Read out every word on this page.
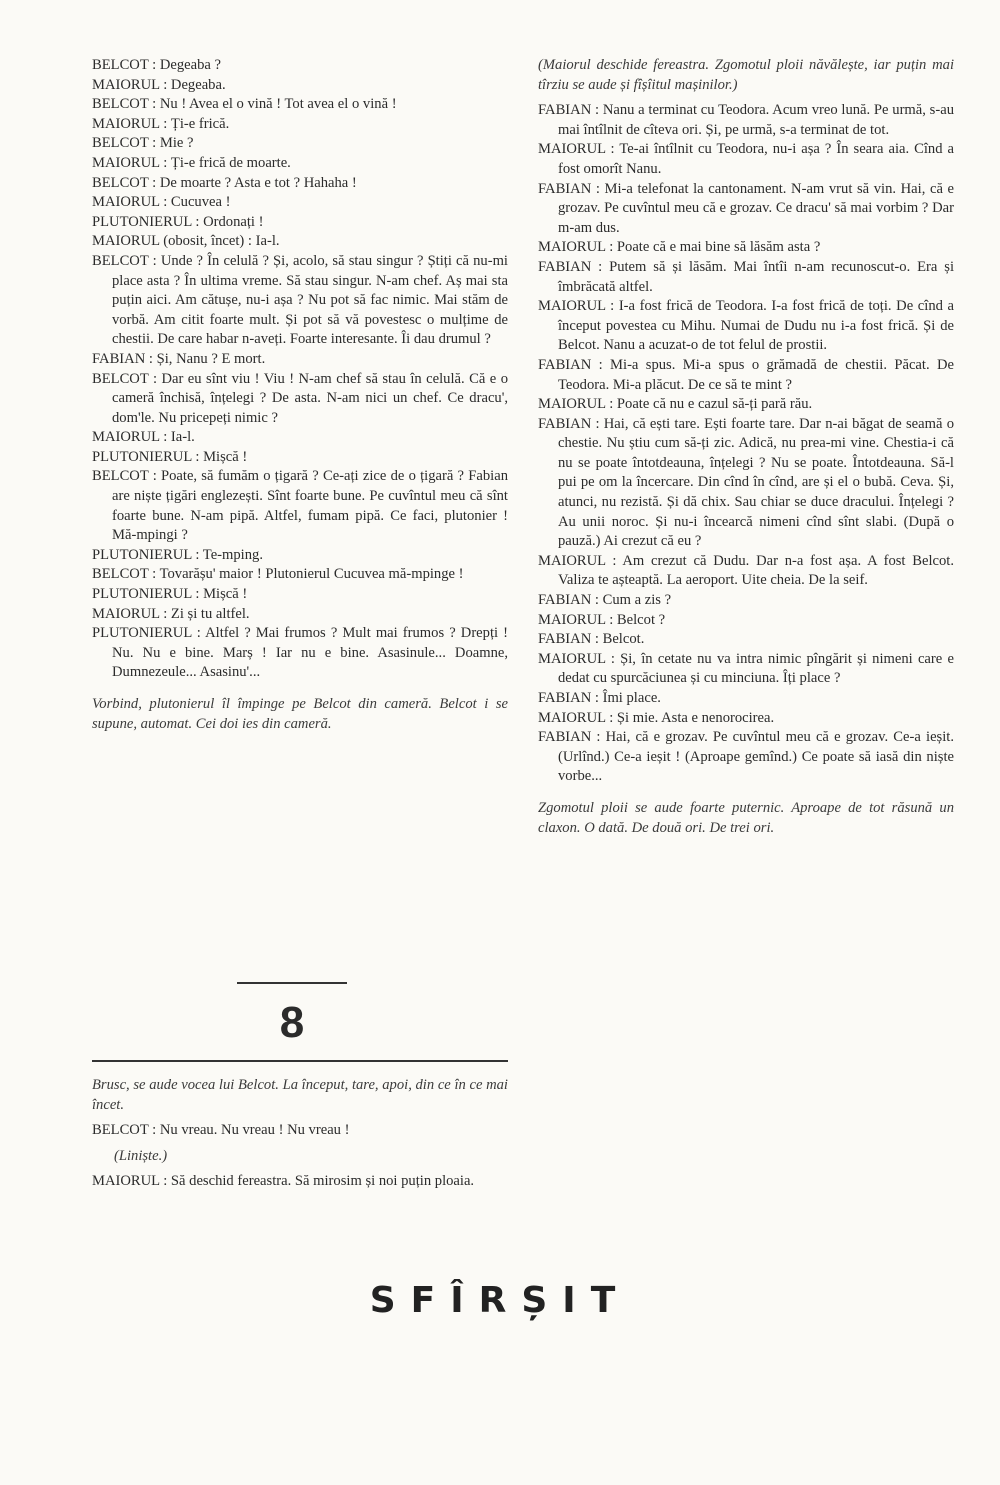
BELCOT : Degeaba ?

MAIORUL : Degeaba.

BELCOT : Nu ! Avea el o vină ! Tot avea el o vină !

MAIORUL : Ți-e frică.

BELCOT : Mie ?

MAIORUL : Ți-e frică de moarte.

BELCOT : De moarte ? Asta e tot ? Hahaha !

MAIORUL : Cucuvea !

PLUTONIERUL : Ordonați !

MAIORUL (obosit, încet) : Ia-l.

BELCOT : Unde ? În celulă ? Și, acolo, să stau singur ? Știți că nu-mi place asta ? În ultima vreme. Să stau singur. N-am chef. Aș mai sta puțin aici. Am cătușe, nu-i așa ? Nu pot să fac nimic. Mai stăm de vorbă. Am citit foarte mult. Și pot să vă povestesc o mulțime de chestii. De care habar n-aveți. Foarte interesante. Îi dau drumul ?

FABIAN : Și, Nanu ? E mort.

BELCOT : Dar eu sînt viu ! Viu ! N-am chef să stau în celulă. Că e o cameră închisă, înțelegi ? De asta. N-am nici un chef. Ce dracu', dom'le. Nu pricepeți nimic ?

MAIORUL : Ia-l.

PLUTONIERUL : Mișcă !

BELCOT : Poate, să fumăm o țigară ? Ce-ați zice de o țigară ? Fabian are niște țigări englezești. Sînt foarte bune. Pe cuvîntul meu că sînt foarte bune. N-am pipă. Altfel, fumam pipă. Ce faci, plutonier ! Mă-mpingi ?

PLUTONIERUL : Te-mping.

BELCOT : Tovarășu' maior ! Plutonierul Cucuvea mă-mpinge !

PLUTONIERUL : Mișcă !

MAIORUL : Zi și tu altfel.

PLUTONIERUL : Altfel ? Mai frumos ? Mult mai frumos ? Drepți ! Nu. Nu e bine. Marș ! Iar nu e bine. Asasinule... Doamne, Dumnezeule... Asasinu'...

Vorbind, plutonierul îl împinge pe Belcot din cameră. Belcot i se supune, automat. Cei doi ies din cameră.

8

Brusc, se aude vocea lui Belcot. La început, tare, apoi, din ce în ce mai încet.

BELCOT : Nu vreau. Nu vreau ! Nu vreau !

(Liniște.)

MAIORUL : Să deschid fereastra. Să mirosim și noi puțin ploaia.

(Maiorul deschide fereastra. Zgomotul ploii năvălește, iar puțin mai tîrziu se aude și fîșîitul mașinilor.)

FABIAN : Nanu a terminat cu Teodora. Acum vreo lună. Pe urmă, s-au mai întîlnit de cîteva ori. Și, pe urmă, s-a terminat de tot.

MAIORUL : Te-ai întîlnit cu Teodora, nu-i așa ? În seara aia. Cînd a fost omorît Nanu.

FABIAN : Mi-a telefonat la cantonament. N-am vrut să vin. Hai, că e grozav. Pe cuvîntul meu că e grozav. Ce dracu' să mai vorbim ? Dar m-am dus.

MAIORUL : Poate că e mai bine să lăsăm asta ?

FABIAN : Putem să și lăsăm. Mai întîi n-am recunoscut-o. Era și îmbrăcată altfel.

MAIORUL : I-a fost frică de Teodora. I-a fost frică de toți. De cînd a început povestea cu Mihu. Numai de Dudu nu i-a fost frică. Și de Belcot. Nanu a acuzat-o de tot felul de prostii.

FABIAN : Mi-a spus. Mi-a spus o grămadă de chestii. Păcat. De Teodora. Mi-a plăcut. De ce să te mint ?

MAIORUL : Poate că nu e cazul să-ți pară rău.

FABIAN : Hai, că ești tare. Ești foarte tare. Dar n-ai băgat de seamă o chestie. Nu știu cum să-ți zic. Adică, nu prea-mi vine. Chestia-i că nu se poate întotdeauna, înțelegi ? Nu se poate. Întotdeauna. Să-l pui pe om la încercare. Din cînd în cînd, are și el o bubă. Ceva. Și, atunci, nu rezistă. Și dă chix. Sau chiar se duce dracului. Înțelegi ? Au unii noroc. Și nu-i încearcă nimeni cînd sînt slabi. (După o pauză.) Ai crezut că eu ?

MAIORUL : Am crezut că Dudu. Dar n-a fost așa. A fost Belcot. Valiza te așteaptă. La aeroport. Uite cheia. De la seif.

FABIAN : Cum a zis ?

MAIORUL : Belcot ?

FABIAN : Belcot.

MAIORUL : Și, în cetate nu va intra nimic pîngărit și nimeni care e dedat cu spurcăciunea și cu minciuna. Îți place ?

FABIAN : Îmi place.

MAIORUL : Și mie. Asta e nenorocirea.

FABIAN : Hai, că e grozav. Pe cuvîntul meu că e grozav. Ce-a ieșit. (Urlînd.) Ce-a ieșit ! (Aproape gemînd.) Ce poate să iasă din niște vorbe...

Zgomotul ploii se aude foarte puternic. Aproape de tot răsună un claxon. O dată. De două ori. De trei ori.

SFÎRȘIT
